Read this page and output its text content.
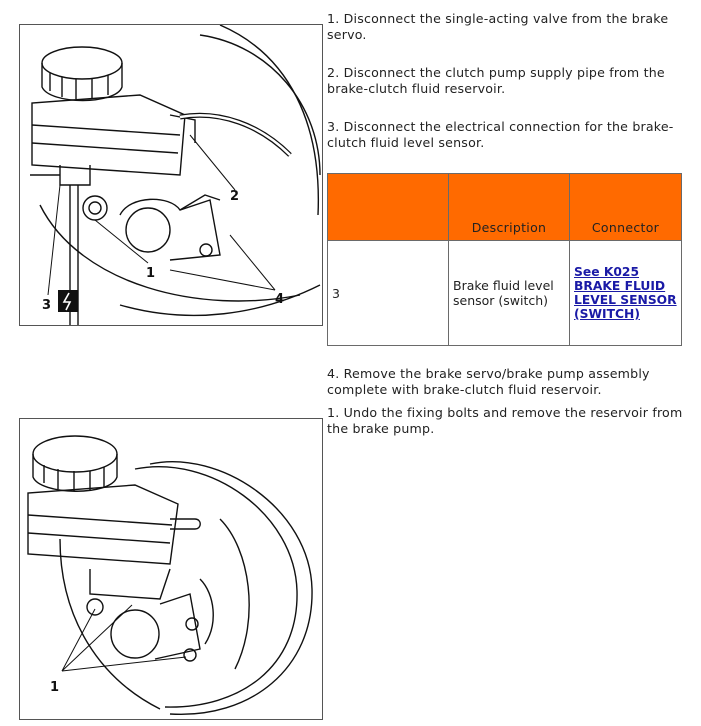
1
2
3	4

1. Disconnect the single-acting valve from the brake servo.

2. Disconnect the clutch pump supply pipe from the brake-clutch fluid reservoir.

3. Disconnect the electrical connection for the brake-clutch fluid level sensor.

	Description	Connector
3	Brake fluid level sensor (switch)	See K025 BRAKE FLUID LEVEL SENSOR (SWITCH)

4. Remove the brake servo/brake pump assembly complete with brake-clutch fluid reservoir.

1. Undo the fixing bolts and remove the reservoir from the brake pump.

1
